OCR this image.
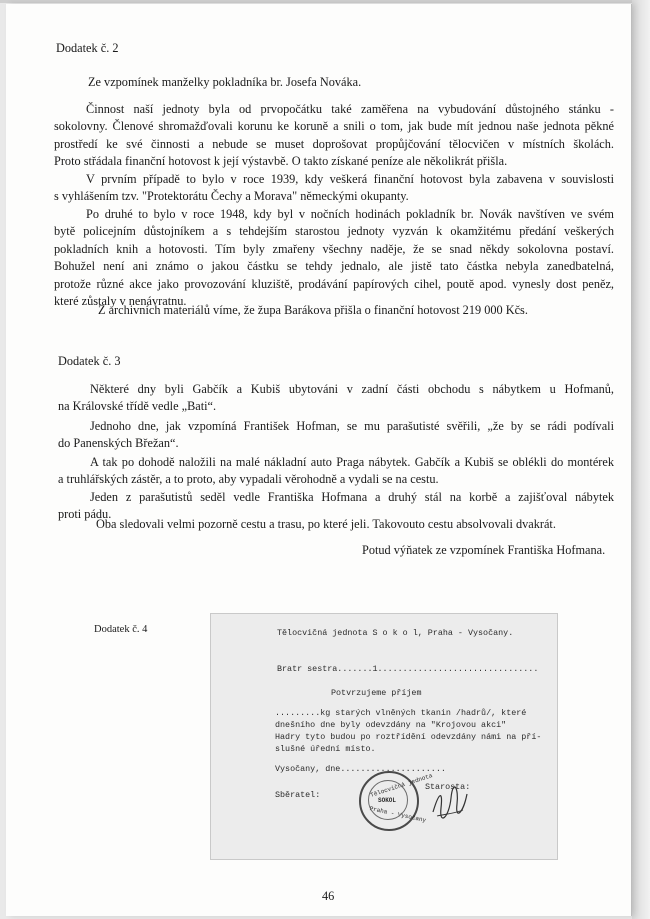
Dodatek č. 2
Ze vzpomínek manželky pokladníka br. Josefa Nováka.
Činnost naší jednoty byla od prvopočátku také zaměřena na vybudování důstojného stánku -
sokolovny. Členové shromažďovali korunu ke koruně a snili o tom, jak bude mít jednou naše jednota pěkné
prostředí ke své činnosti a nebude se muset doprošovat propůjčování tělocvičen v místních školách.
Proto střádala finanční hotovost k její výstavbě. O takto získané peníze ale několikrát přišla.
V prvním případě to bylo v roce 1939, kdy veškerá finanční hotovost byla zabavena v souvislosti
s vyhlášením tzv. "Protektorátu Čechy a Morava" německými okupanty.
Po druhé to bylo v roce 1948, kdy byl v nočních hodinách pokladník br. Novák navštíven ve svém
bytě policejním důstojníkem a s tehdejším starostou jednoty vyzván k okamžitému předání veškerých
pokladních knih a hotovosti. Tím byly zmařeny všechny naděje, že se snad někdy sokolovna postaví.
Bohužel není ani známo o jakou částku se tehdy jednalo, ale jistě tato částka nebyla zanedbatelná,
protože různé akce jako provozování kluziště, prodávání papírových cihel, poutě apod. vynesly dost peněz,
které zůstaly v nenávratnu.
Z archivních materiálů víme, že župa Barákova přišla o finanční hotovost 219 000 Kčs.
Dodatek č. 3
Některé dny byli Gabčík a Kubiš ubytováni v zadní části obchodu s nábytkem u Hofmanů,
na Královské třídě vedle „Bati“.
Jednoho dne, jak vzpomíná František Hofman, se mu parašutisté svěřili, „že by se rádi podívali
do Panenských Břežan“.
A tak po dohodě naložili na malé nákladní auto Praga nábytek. Gabčík a Kubiš se oblékli do montérek
a truhlářských zástěr, a to proto, aby vypadali věrohodně a vydali se na cestu.
Jeden z parašutistů seděl vedle Františka Hofmana a druhý stál na korbě a zajišťoval nábytek
proti pádu.
Oba sledovali velmi pozorně cestu a trasu, po které jeli. Takovouto cestu absolvovali dvakrát.
Potud výňatek ze vzpomínek Františka Hofmana.
Dodatek č. 4	Tělocvičná jednota S o k o l, Praha - Vysočany.
Bratr sestra.......1................................
Potvrzujeme příjem
.........kg starých vlněných tkanin /hadrů/, které
dnešního dne byly odevzdány na "Krojovou akci"
Hadry tyto budou po roztřídění odevzdány námi na pří-
slušné úřední místo.
Vysočany, dne.....................
Sběratel:
Starosta:
Tělocvičná jednota
SOKOL
Praha - Vysočany
46
